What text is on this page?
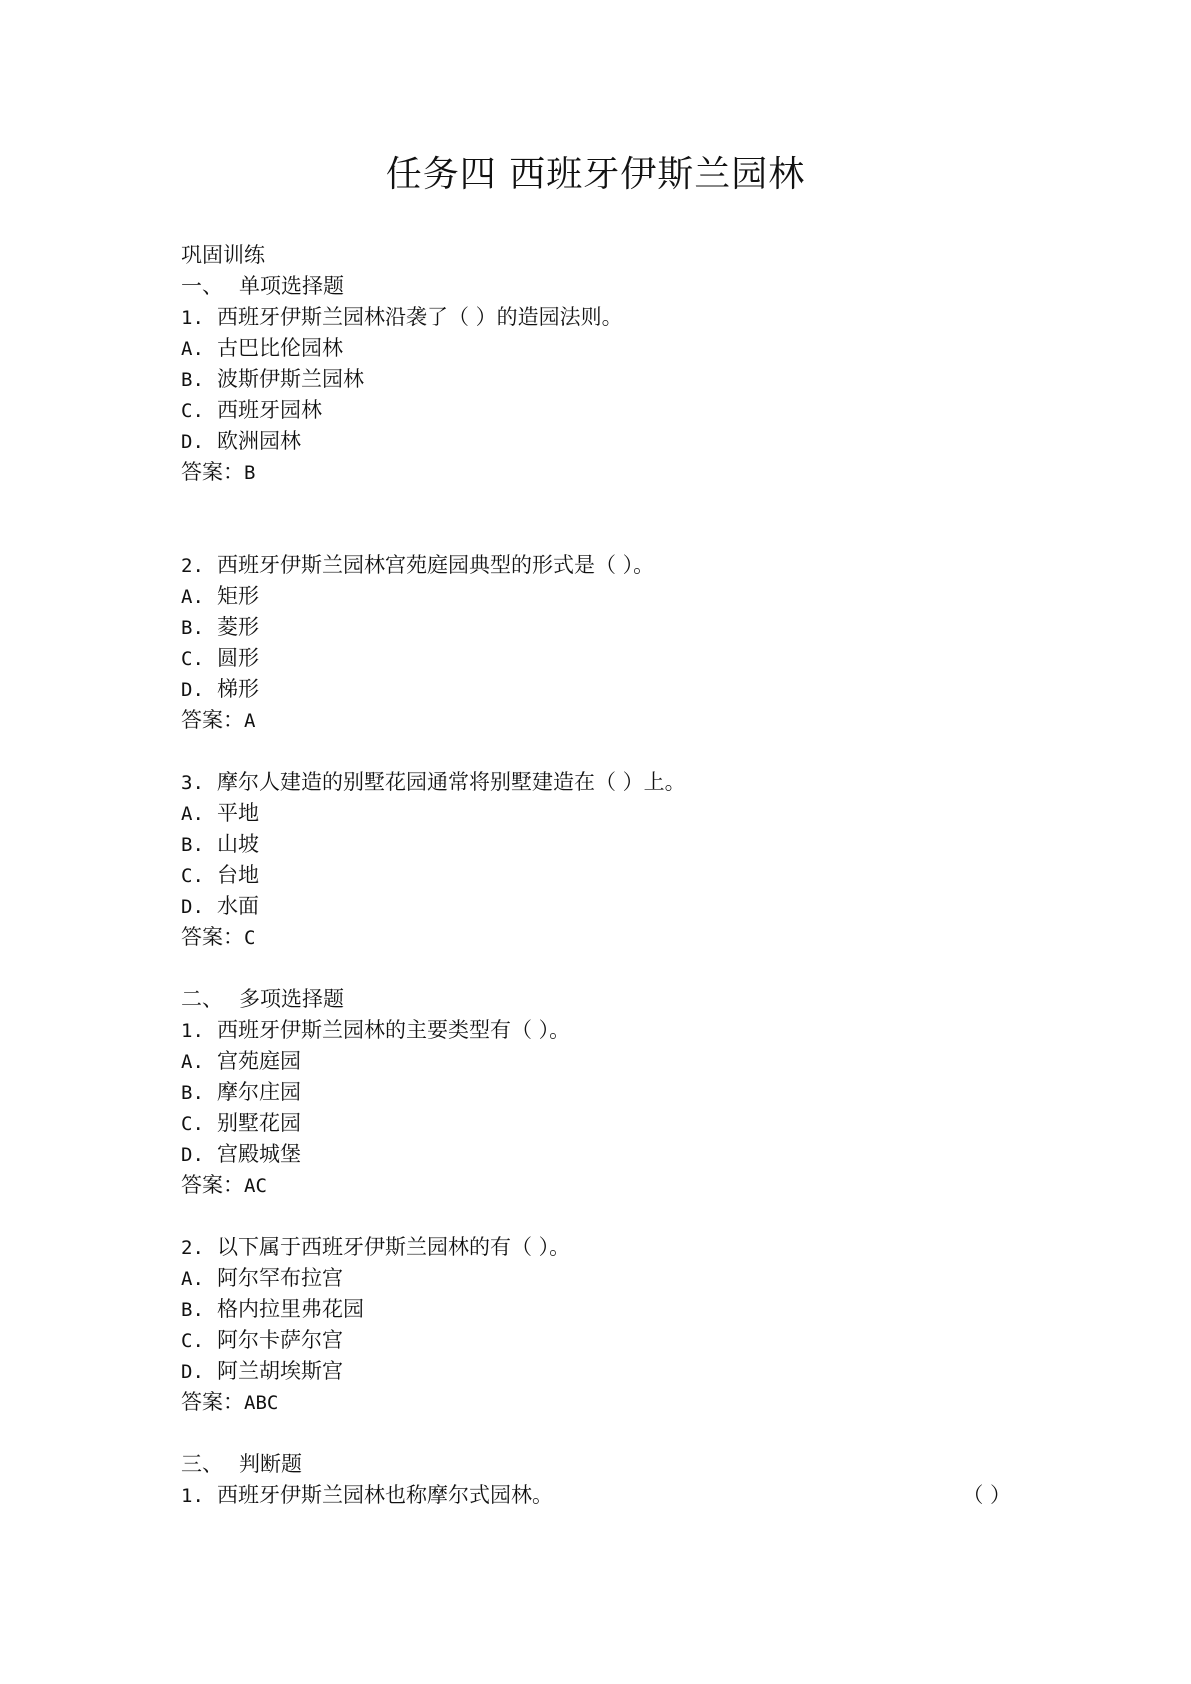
任务四 西班牙伊斯兰园林
巩固训练
一、 单项选择题
1. 西班牙伊斯兰园林沿袭了（ ）的造园法则。
A. 古巴比伦园林
B. 波斯伊斯兰园林
C. 西班牙园林
D. 欧洲园林
答案：B
2. 西班牙伊斯兰园林宫苑庭园典型的形式是（ ）。
A. 矩形
B. 菱形
C. 圆形
D. 梯形
答案：A
3. 摩尔人建造的别墅花园通常将别墅建造在（ ）上。
A. 平地
B. 山坡
C. 台地
D. 水面
答案：C
二、 多项选择题
1. 西班牙伊斯兰园林的主要类型有（ ）。
A. 宫苑庭园
B. 摩尔庄园
C. 别墅花园
D. 宫殿城堡
答案：AC
2. 以下属于西班牙伊斯兰园林的有（ ）。
A. 阿尔罕布拉宫
B. 格内拉里弗花园
C. 阿尔卡萨尔宫
D. 阿兰胡埃斯宫
答案：ABC
三、 判断题
1. 西班牙伊斯兰园林也称摩尔式园林。	（ ）
